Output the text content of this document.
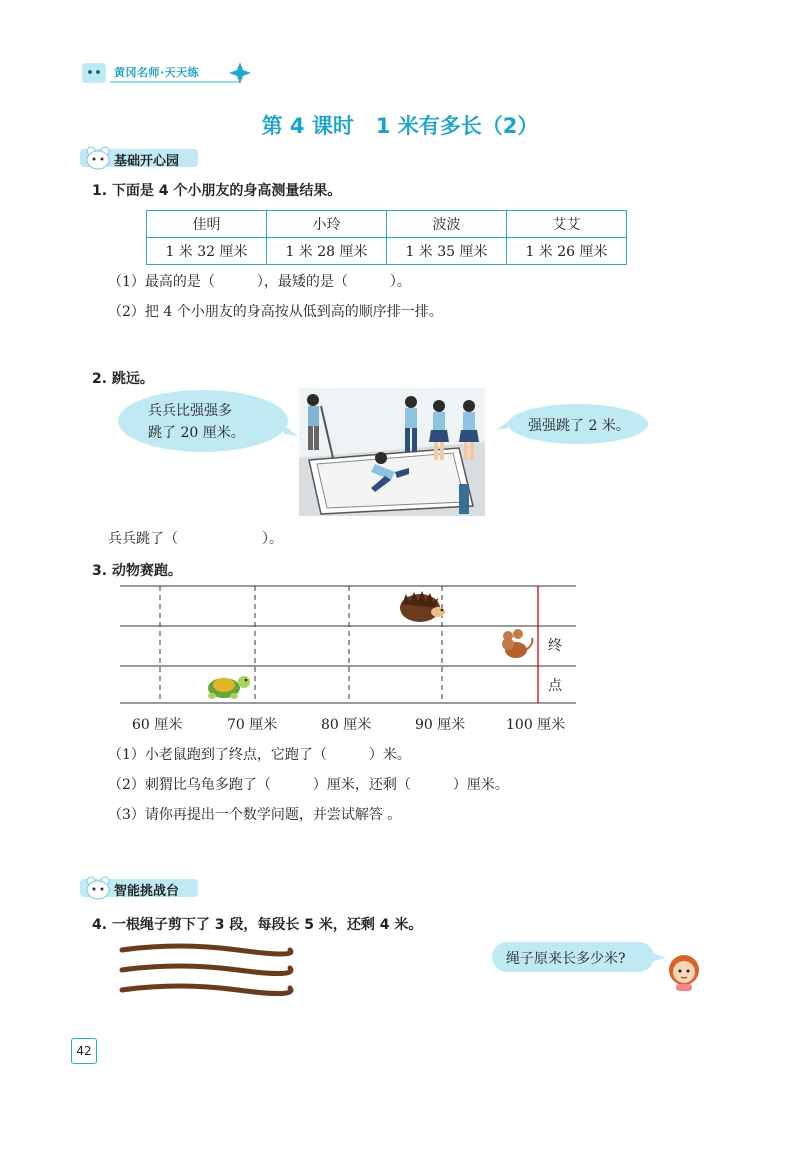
黄冈名师·天天练
第 4 课时 1 米有多长（2）
基础开心园
1. 下面是 4 个小朋友的身高测量结果。
佳明	小玲	波波	艾艾
1 米 32 厘米	1 米 28 厘米	1 米 35 厘米	1 米 26 厘米
（1）最高的是（　　　），最矮的是（　　　）。
（2）把 4 个小朋友的身高按从低到高的顺序排一排。
2. 跳远。
兵兵比强强多
跳了 20 厘米。	强强跳了 2 米。
兵兵跳了（　　　　　　）。
3. 动物赛跑。
终
点
60 厘米	70 厘米	80 厘米	90 厘米	100 厘米
（1）小老鼠跑到了终点，它跑了（　　　）米。
（2）刺猬比乌龟多跑了（　　　）厘米，还剩（　　　）厘米。
（3）请你再提出一个数学问题，并尝试解答 。
智能挑战台
4. 一根绳子剪下了 3 段，每段长 5 米，还剩 4 米。
绳子原来长多少米?
42
